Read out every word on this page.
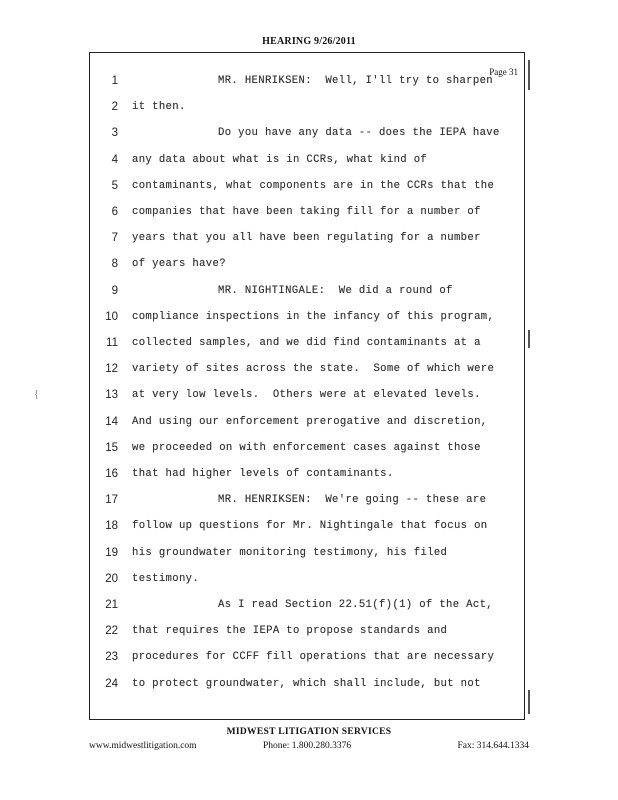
HEARING 9/26/2011
{
Page 31
1	MR. HENRIKSEN:  Well, I'll try to sharpen
2 it then.
3	Do you have any data -- does the IEPA have
4 any data about what is in CCRs, what kind of
5 contaminants, what components are in the CCRs that the
6 companies that have been taking fill for a number of
7 years that you all have been regulating for a number
8 of years have?
9	MR. NIGHTINGALE:  We did a round of
10 compliance inspections in the infancy of this program,
11 collected samples, and we did find contaminants at a
12 variety of sites across the state.  Some of which were
13 at very low levels.  Others were at elevated levels.
14 And using our enforcement prerogative and discretion,
15 we proceeded on with enforcement cases against those
16 that had higher levels of contaminants.
17	MR. HENRIKSEN:  We're going -- these are
18 follow up questions for Mr. Nightingale that focus on
19 his groundwater monitoring testimony, his filed
20 testimony.
21	As I read Section 22.51(f)(1) of the Act,
22 that requires the IEPA to propose standards and
23 procedures for CCFF fill operations that are necessary
24 to protect groundwater, which shall include, but not
MIDWEST LITIGATION SERVICES
www.midwestlitigation.com	Phone: 1.800.280.3376	Fax: 314.644.1334
